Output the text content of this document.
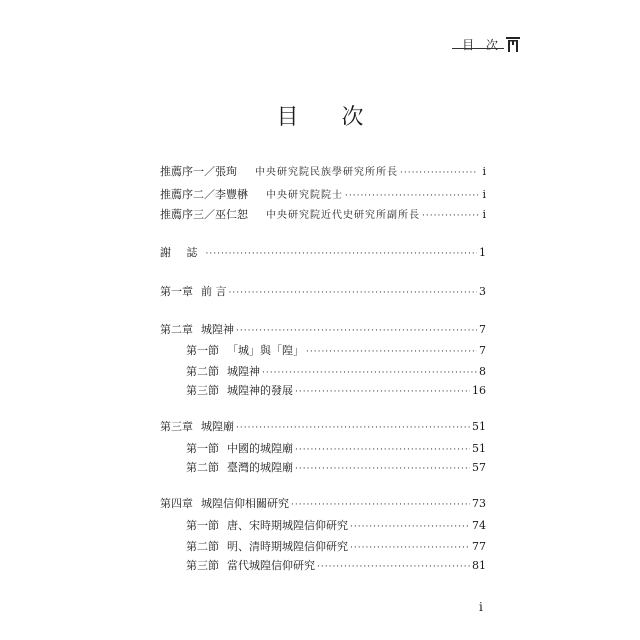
目 次
目 次
推薦序一／張珣	中央研究院民族學研究所所長 ·····	i
推薦序二／李豐楙	中央研究院院士 ·····	i
推薦序三／巫仁恕	中央研究院近代史研究所副所長 ·····	i
謝 誌 ·····	1
第一章 前 言 ·····	3
第二章 城隍神 ·····	7
第一節 「城」與「隍」 ·····	7
第二節 城隍神 ·····	8
第三節 城隍神的發展 ·····	16
第三章 城隍廟 ·····	51
第一節 中國的城隍廟 ·····	51
第二節 臺灣的城隍廟 ·····	57
第四章 城隍信仰相關研究 ·····	73
第一節 唐、宋時期城隍信仰研究 ·····	74
第二節 明、清時期城隍信仰研究 ·····	77
第三節 當代城隍信仰研究 ·····	81
i
